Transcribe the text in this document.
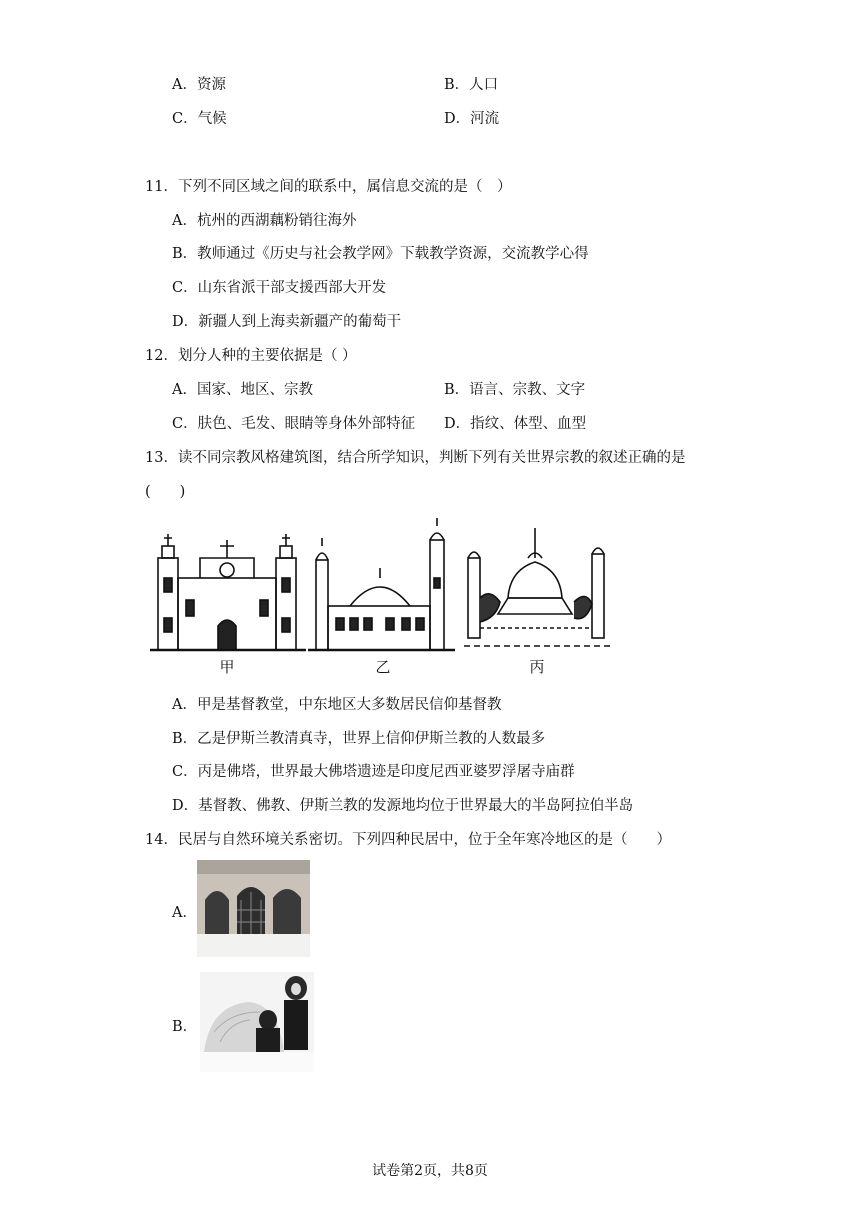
A．资源	B．人口
C．气候	D．河流
11．下列不同区域之间的联系中，属信息交流的是（　）
A．杭州的西湖藕粉销往海外
B．教师通过《历史与社会教学网》下载教学资源，交流教学心得
C．山东省派干部支援西部大开发
D．新疆人到上海卖新疆产的葡萄干
12．划分人种的主要依据是（ ）
A．国家、地区、宗教	B．语言、宗教、文字
C．肤色、毛发、眼睛等身体外部特征 D．指纹、体型、血型
13．读不同宗教风格建筑图，结合所学知识，判断下列有关世界宗教的叙述正确的是
(　　)
甲	乙	丙
A．甲是基督教堂，中东地区大多数居民信仰基督教
B．乙是伊斯兰教清真寺，世界上信仰伊斯兰教的人数最多
C．丙是佛塔，世界最大佛塔遗迹是印度尼西亚婆罗浮屠寺庙群
D．基督教、佛教、伊斯兰教的发源地均位于世界最大的半岛阿拉伯半岛
14．民居与自然环境关系密切。下列四种民居中，位于全年寒冷地区的是（　　）
A．
B．
试卷第2页，共8页
